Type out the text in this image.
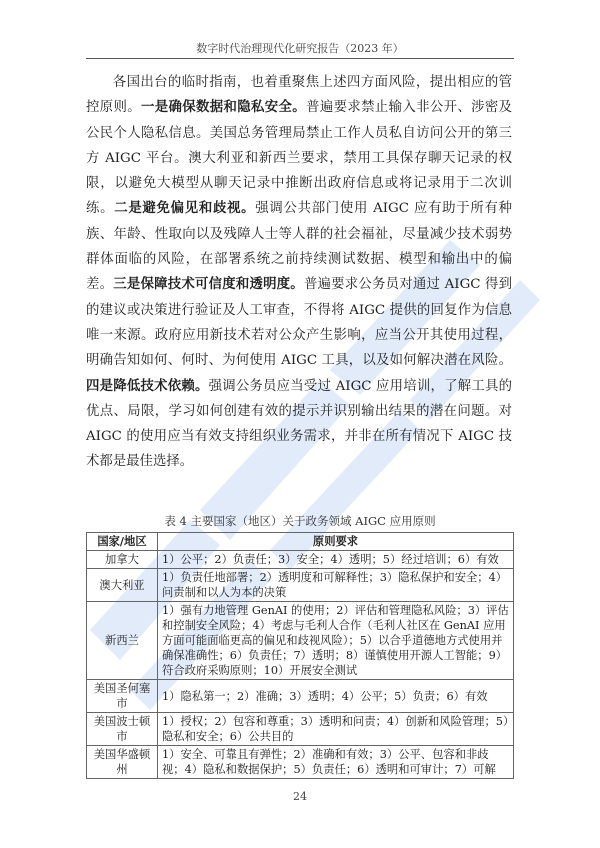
数字时代治理现代化研究报告（2023 年）

各国出台的临时指南，也着重聚焦上述四方面风险，提出相应的管控原则。一是确保数据和隐私安全。普遍要求禁止输入非公开、涉密及公民个人隐私信息。美国总务管理局禁止工作人员私自访问公开的第三方 AIGC 平台。澳大利亚和新西兰要求，禁用工具保存聊天记录的权限，以避免大模型从聊天记录中推断出政府信息或将记录用于二次训练。二是避免偏见和歧视。强调公共部门使用 AIGC 应有助于所有种族、年龄、性取向以及残障人士等人群的社会福祉，尽量减少技术弱势群体面临的风险，在部署系统之前持续测试数据、模型和输出中的偏差。三是保障技术可信度和透明度。普遍要求公务员对通过 AIGC 得到的建议或决策进行验证及人工审查，不得将 AIGC 提供的回复作为信息唯一来源。政府应用新技术若对公众产生影响，应当公开其使用过程，明确告知如何、何时、为何使用 AIGC 工具，以及如何解决潜在风险。四是降低技术依赖。强调公务员应当受过 AIGC 应用培训，了解工具的优点、局限，学习如何创建有效的提示并识别输出结果的潜在问题。对 AIGC 的使用应当有效支持组织业务需求，并非在所有情况下 AIGC 技术都是最佳选择。

表 4 主要国家（地区）关于政务领域 AIGC 应用原则
国家/地区	原则要求
加拿大	1）公平；2）负责任；3）安全；4）透明；5）经过培训；6）有效
澳大利亚	1）负责任地部署；2）透明度和可解释性；3）隐私保护和安全；4）问责制和以人为本的决策
新西兰	1）强有力地管理 GenAI 的使用；2）评估和管理隐私风险；3）评估和控制安全风险；4）考虑与毛利人合作（毛利人社区在 GenAI 应用方面可能面临更高的偏见和歧视风险）；5）以合乎道德地方式使用并确保准确性；6）负责任；7）透明；8）谨慎使用开源人工智能；9）符合政府采购原则；10）开展安全测试
美国圣何塞市	1）隐私第一；2）准确；3）透明；4）公平；5）负责；6）有效
美国波士顿市	1）授权；2）包容和尊重；3）透明和问责；4）创新和风险管理；5）隐私和安全；6）公共目的
美国华盛顿州	1）安全、可靠且有弹性；2）准确和有效；3）公平、包容和非歧视；4）隐私和数据保护；5）负责任；6）透明和可审计；7）可解
24
